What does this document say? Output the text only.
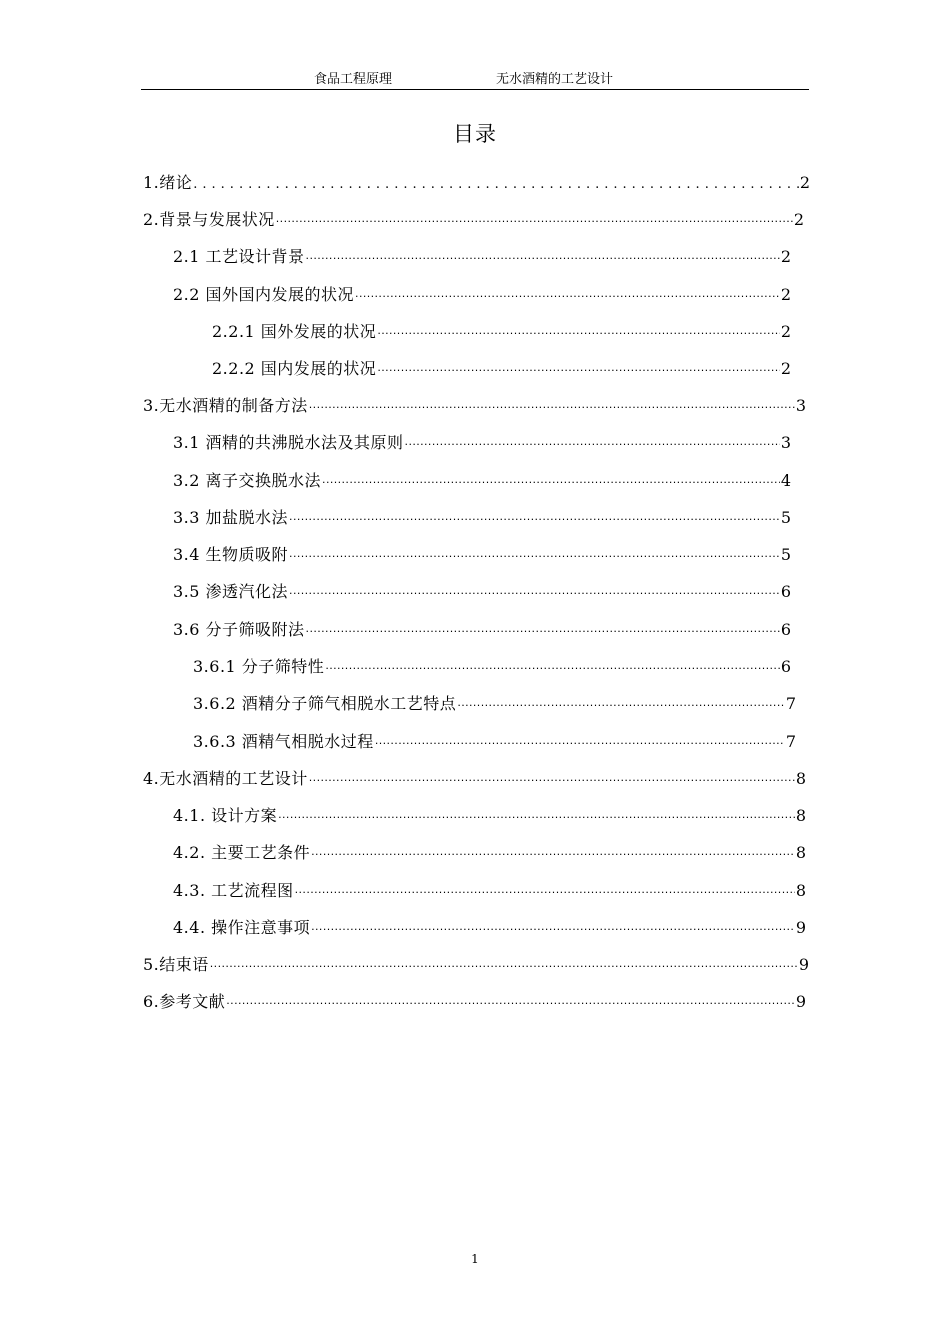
食品工程原理	无水酒精的工艺设计
目录
1.绪论 .....	2
2.背景与发展状况 ·····	2
2.1 工艺设计背景 ·····	2
2.2 国外国内发展的状况 ·····	2
2.2.1 国外发展的状况 ·····	2
2.2.2 国内发展的状况 ·····	2
3.无水酒精的制备方法 ·····	3
3.1 酒精的共沸脱水法及其原则 ·····	3
3.2 离子交换脱水法 ·····	4
3.3 加盐脱水法 ·····	5
3.4 生物质吸附 ·····	5
3.5 渗透汽化法 ·····	6
3.6 分子筛吸附法 ·····	6
3.6.1 分子筛特性 ·····	6
3.6.2 酒精分子筛气相脱水工艺特点 ·····	7
3.6.3 酒精气相脱水过程 ·····	7
4.无水酒精的工艺设计 ·····	8
4.1. 设计方案 ·····	8
4.2. 主要工艺条件 ·····	8
4.3. 工艺流程图 ·····	8
4.4. 操作注意事项 ·····	9
5.结束语 ·····	9
6.参考文献 ·····	9
1
